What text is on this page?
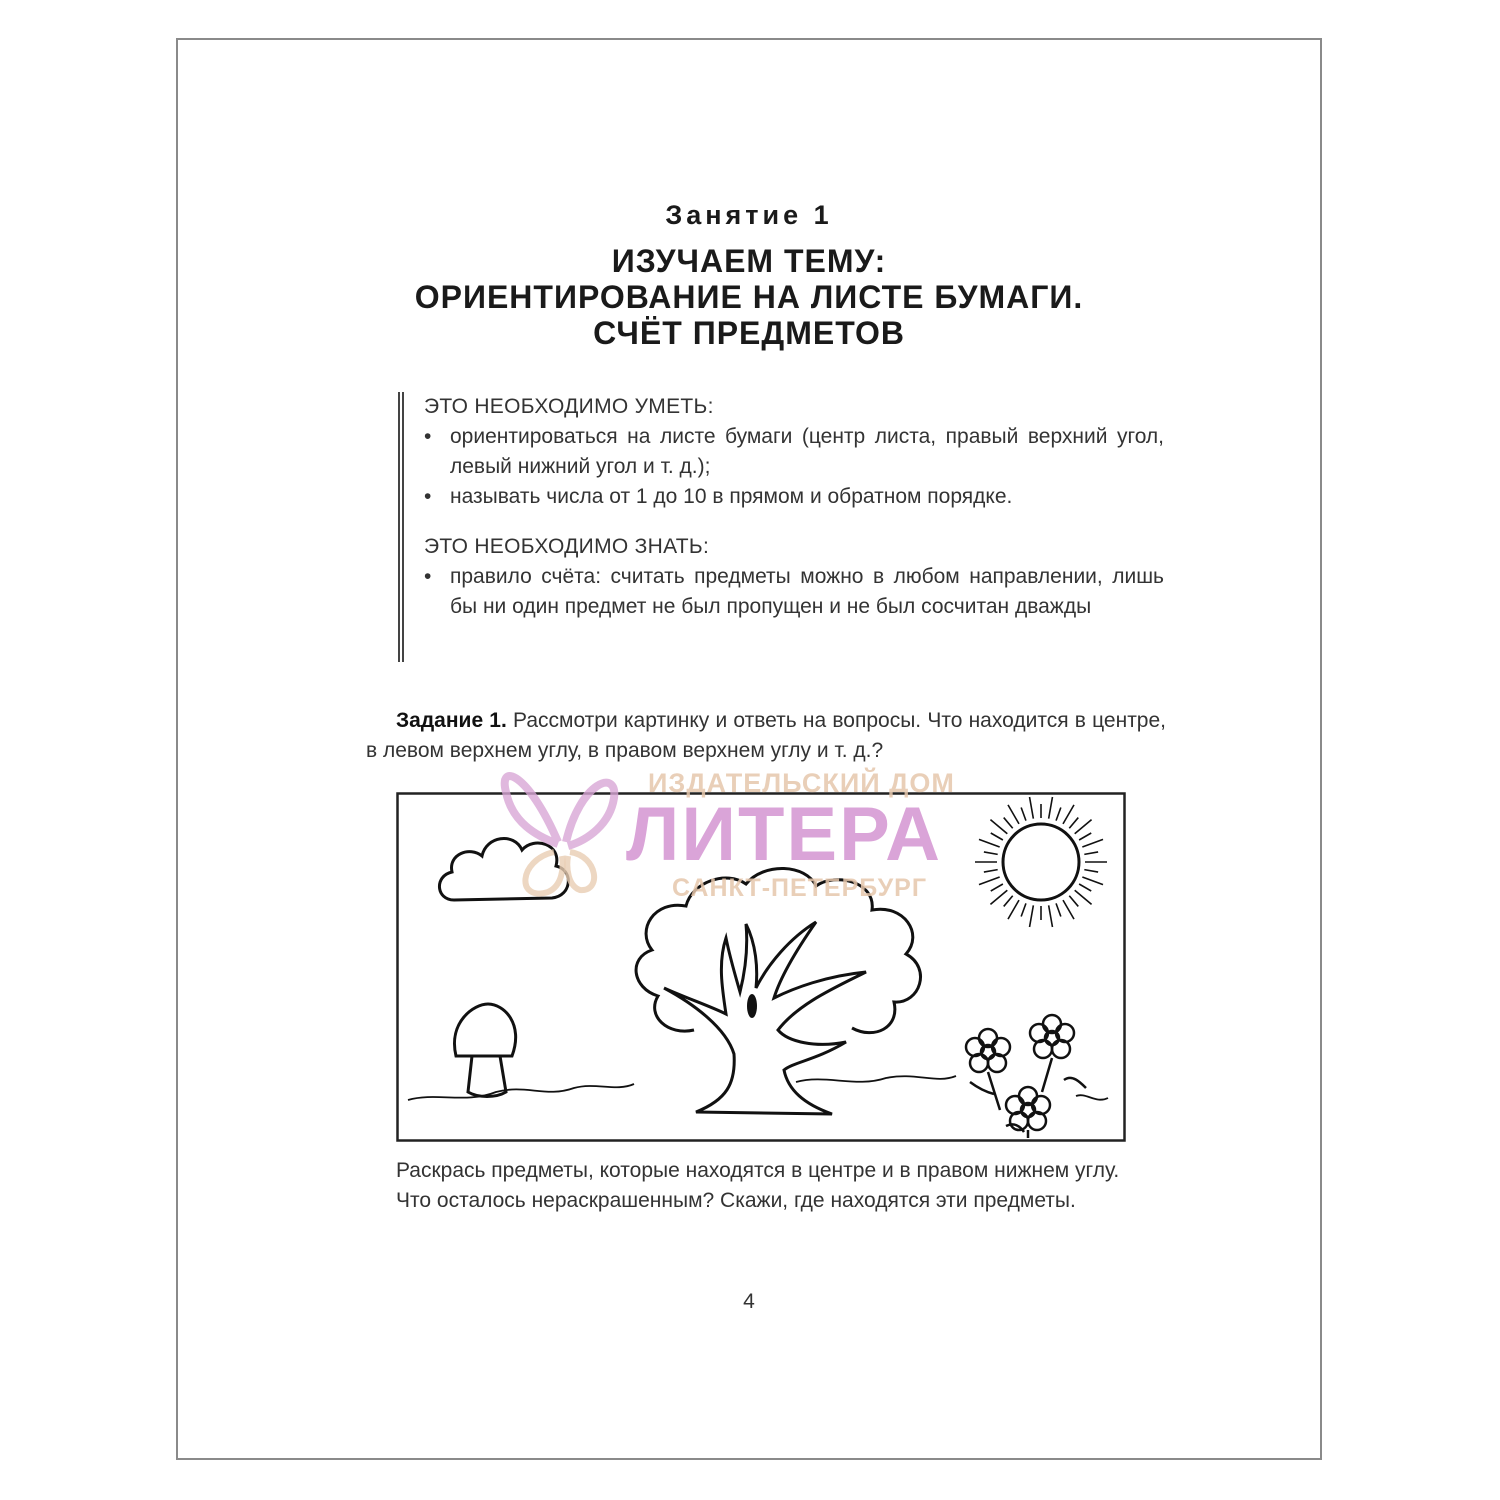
Занятие 1
ИЗУЧАЕМ ТЕМУ:
ОРИЕНТИРОВАНИЕ НА ЛИСТЕ БУМАГИ.
СЧЁТ ПРЕДМЕТОВ

ЭТО НЕОБХОДИМО УМЕТЬ:

• ориентироваться на листе бумаги (центр листа, правый верхний угол, левый нижний угол и т. д.);
• называть числа от 1 до 10 в прямом и обратном порядке.

ЭТО НЕОБХОДИМО ЗНАТЬ:

• правило счёта: считать предметы можно в любом направлении, лишь бы ни один предмет не был пропущен и не был сосчитан дважды
Задание 1. Рассмотри картинку и ответь на вопросы. Что находится в центре, в левом верхнем углу, в правом верхнем углу и т. д.?
ИЗДАТЕЛЬСКИЙ ДОМ
ЛИТЕРА
САНКТ-ПЕТЕРБУРГ

Раскрась предметы, которые находятся в центре и в правом нижнем углу.

Что осталось нераскрашенным? Скажи, где находятся эти предметы.

4
